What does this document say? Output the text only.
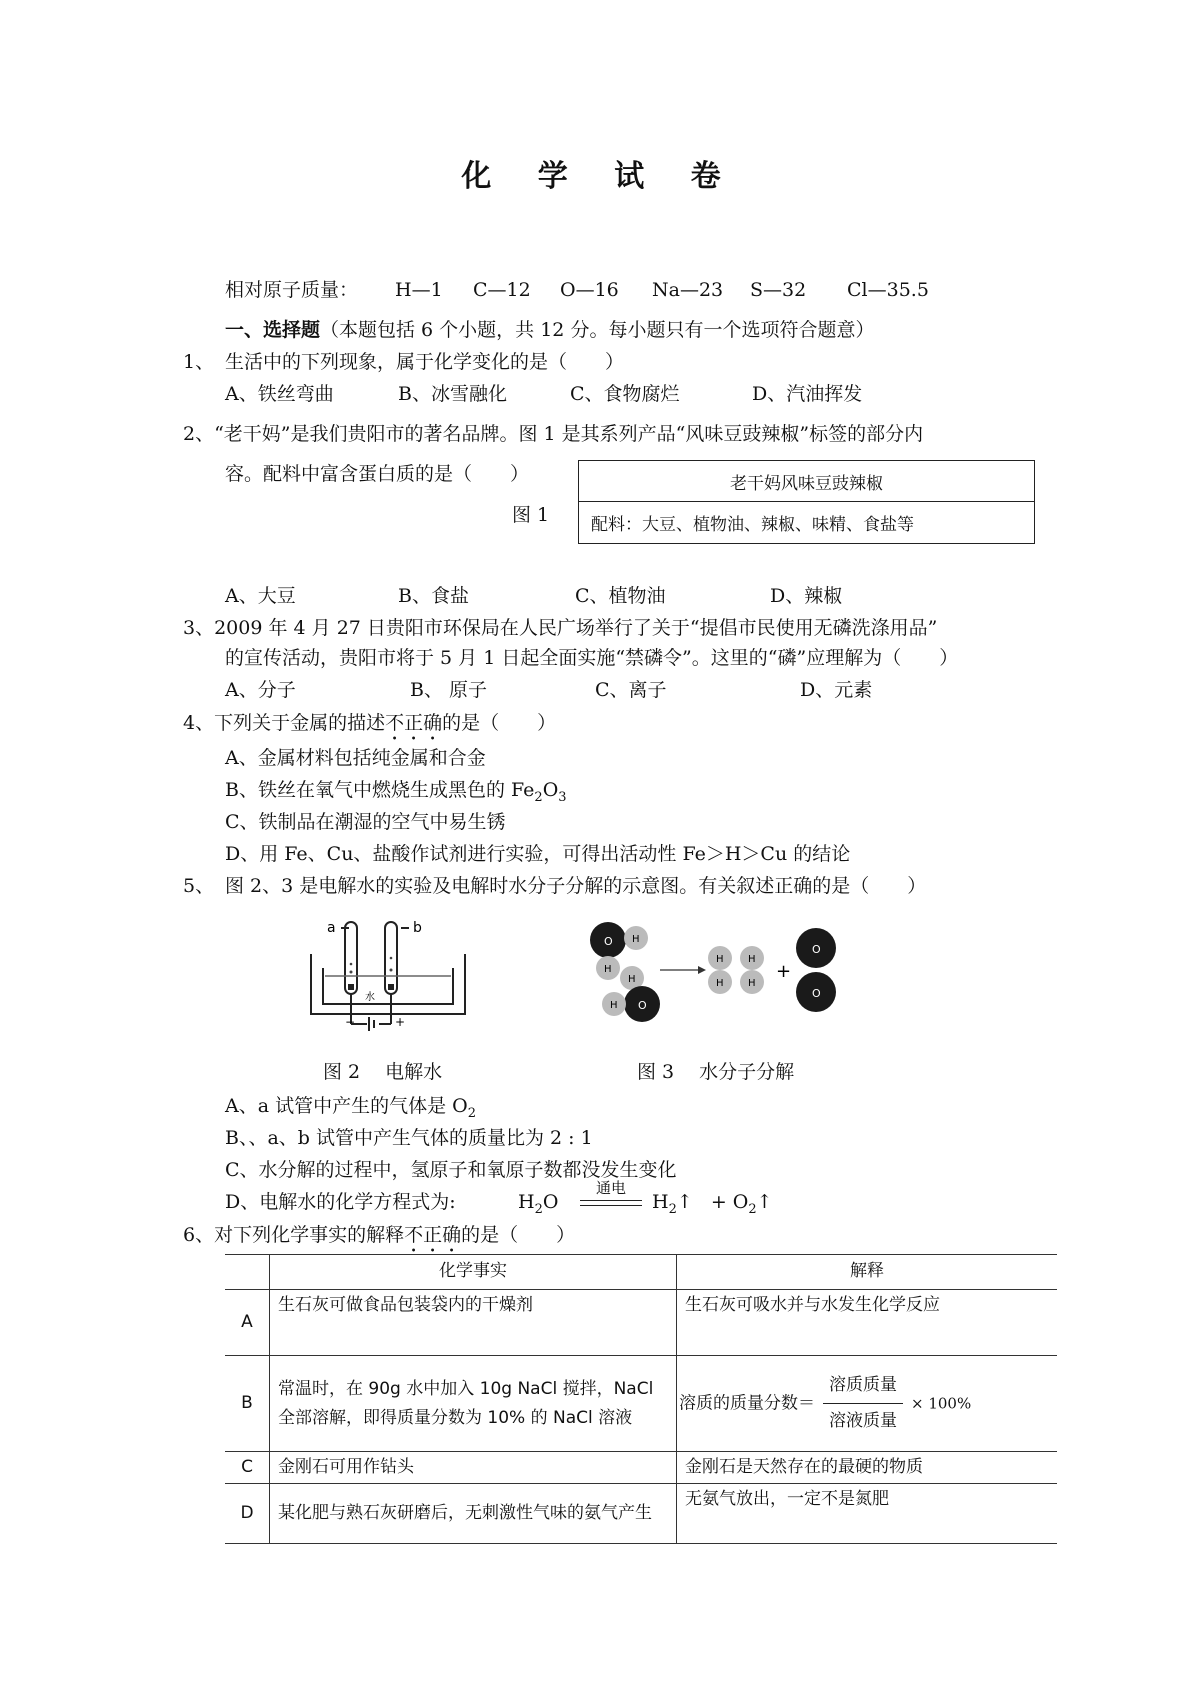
化 学 试 卷
相对原子质量： H—1 C—12 O—16 Na—23 S—32 Cl—35.5
一、选择题（本题包括 6 个小题，共 12 分。每小题只有一个选项符合题意）
1、 生活中的下列现象，属于化学变化的是（　　）
A、铁丝弯曲	B、冰雪融化	C、食物腐烂	D、汽油挥发
2、“老干妈”是我们贵阳市的著名品牌。图 1 是其系列产品“风味豆豉辣椒”标签的部分内
容。配料中富含蛋白质的是（　　）
图 1
老干妈风味豆豉辣椒
配料：大豆、植物油、辣椒、味精、食盐等
A、大豆	B、食盐	C、植物油	D、辣椒
3、2009 年 4 月 27 日贵阳市环保局在人民广场举行了关于“提倡市民使用无磷洗涤用品”
的宣传活动，贵阳市将于 5 月 1 日起全面实施“禁磷令”。这里的“磷”应理解为（　　）
A、分子	B、 原子	C、离子	D、元素
4、下列关于金属的描述不正确的是（　　）
A、金属材料包括纯金属和合金
B、铁丝在氧气中燃烧生成黑色的 $Fe_2O_3$
C、铁制品在潮湿的空气中易生锈
D、用 Fe、Cu、盐酸作试剂进行实验，可得出活动性 Fe＞H＞Cu 的结论
5、 图 2、3 是电解水的实验及电解时水分子分解的示意图。有关叙述正确的是（　　）
a	b
水
−	+
O H
H
H
O
H
H
H
H
H
+
O
O
图 2　 电解水	图 3　 水分子分解
A、a 试管中产生的气体是 $O_2$
B、、a、b 试管中产生气体的质量比为 2 : 1
C、水分解的过程中，氢原子和氧原子数都没发生变化
D、电解水的化学方程式为:	$H_2O$
通电
$H_2↑$ + $O_2↑$
6、对下列化学事实的解释不正确的是（　　）
	化学事实	解释
A	生石灰可做食品包装袋内的干燥剂	生石灰可吸水并与水发生化学反应
B	常温时，在 90g 水中加入 10g NaCl 搅拌，NaCl 全部溶解，即得质量分数为 10% 的 NaCl 溶液	溶质的质量分数＝ $\frac{\text{溶质质量}}{\text{溶液质量}} \times 100\%$
C	金刚石可用作钻头	金刚石是天然存在的最硬的物质
D	某化肥与熟石灰研磨后，无刺激性气味的氨气产生	无氨气放出，一定不是氮肥
